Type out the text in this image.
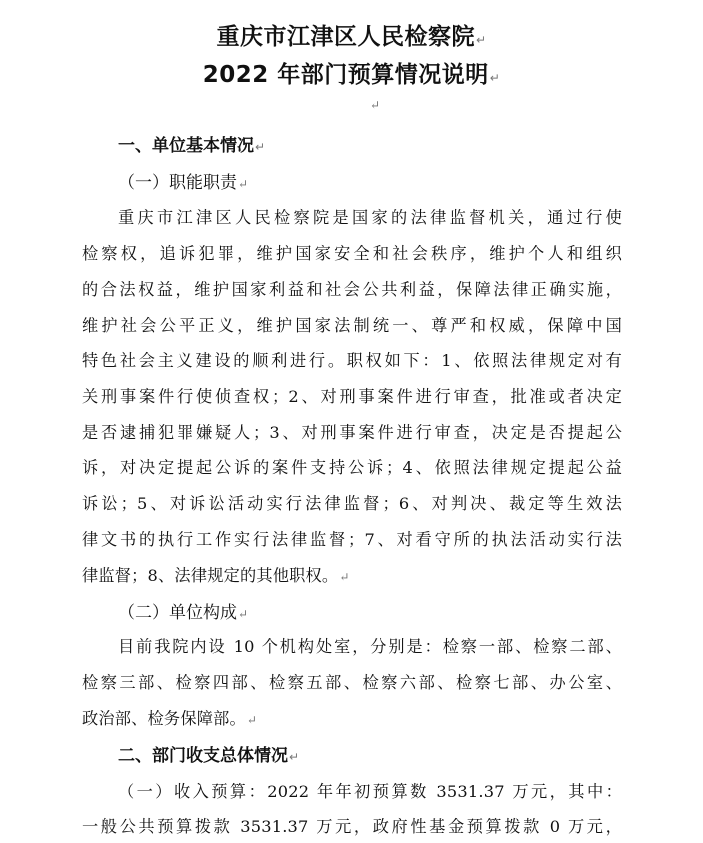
重庆市江津区人民检察院↵
2022 年部门预算情况说明↵
↵
一、单位基本情况↵
（一）职能职责↵
重庆市江津区人民检察院是国家的法律监督机关，通过行使
检察权，追诉犯罪，维护国家安全和社会秩序，维护个人和组织
的合法权益，维护国家利益和社会公共利益，保障法律正确实施，
维护社会公平正义，维护国家法制统一、尊严和权威，保障中国
特色社会主义建设的顺利进行。职权如下：1、依照法律规定对有
关刑事案件行使侦查权；2、对刑事案件进行审查，批准或者决定
是否逮捕犯罪嫌疑人；3、对刑事案件进行审查，决定是否提起公
诉，对决定提起公诉的案件支持公诉；4、依照法律规定提起公益
诉讼；5、对诉讼活动实行法律监督；6、对判决、裁定等生效法
律文书的执行工作实行法律监督；7、对看守所的执法活动实行法
律监督；8、法律规定的其他职权。↵
（二）单位构成↵
目前我院内设 10 个机构处室，分别是：检察一部、检察二部、
检察三部、检察四部、检察五部、检察六部、检察七部、办公室、
政治部、检务保障部。↵
二、部门收支总体情况↵
（一）收入预算：2022 年年初预算数 3531.37 万元，其中：
一般公共预算拨款 3531.37 万元，政府性基金预算拨款 0 万元，
